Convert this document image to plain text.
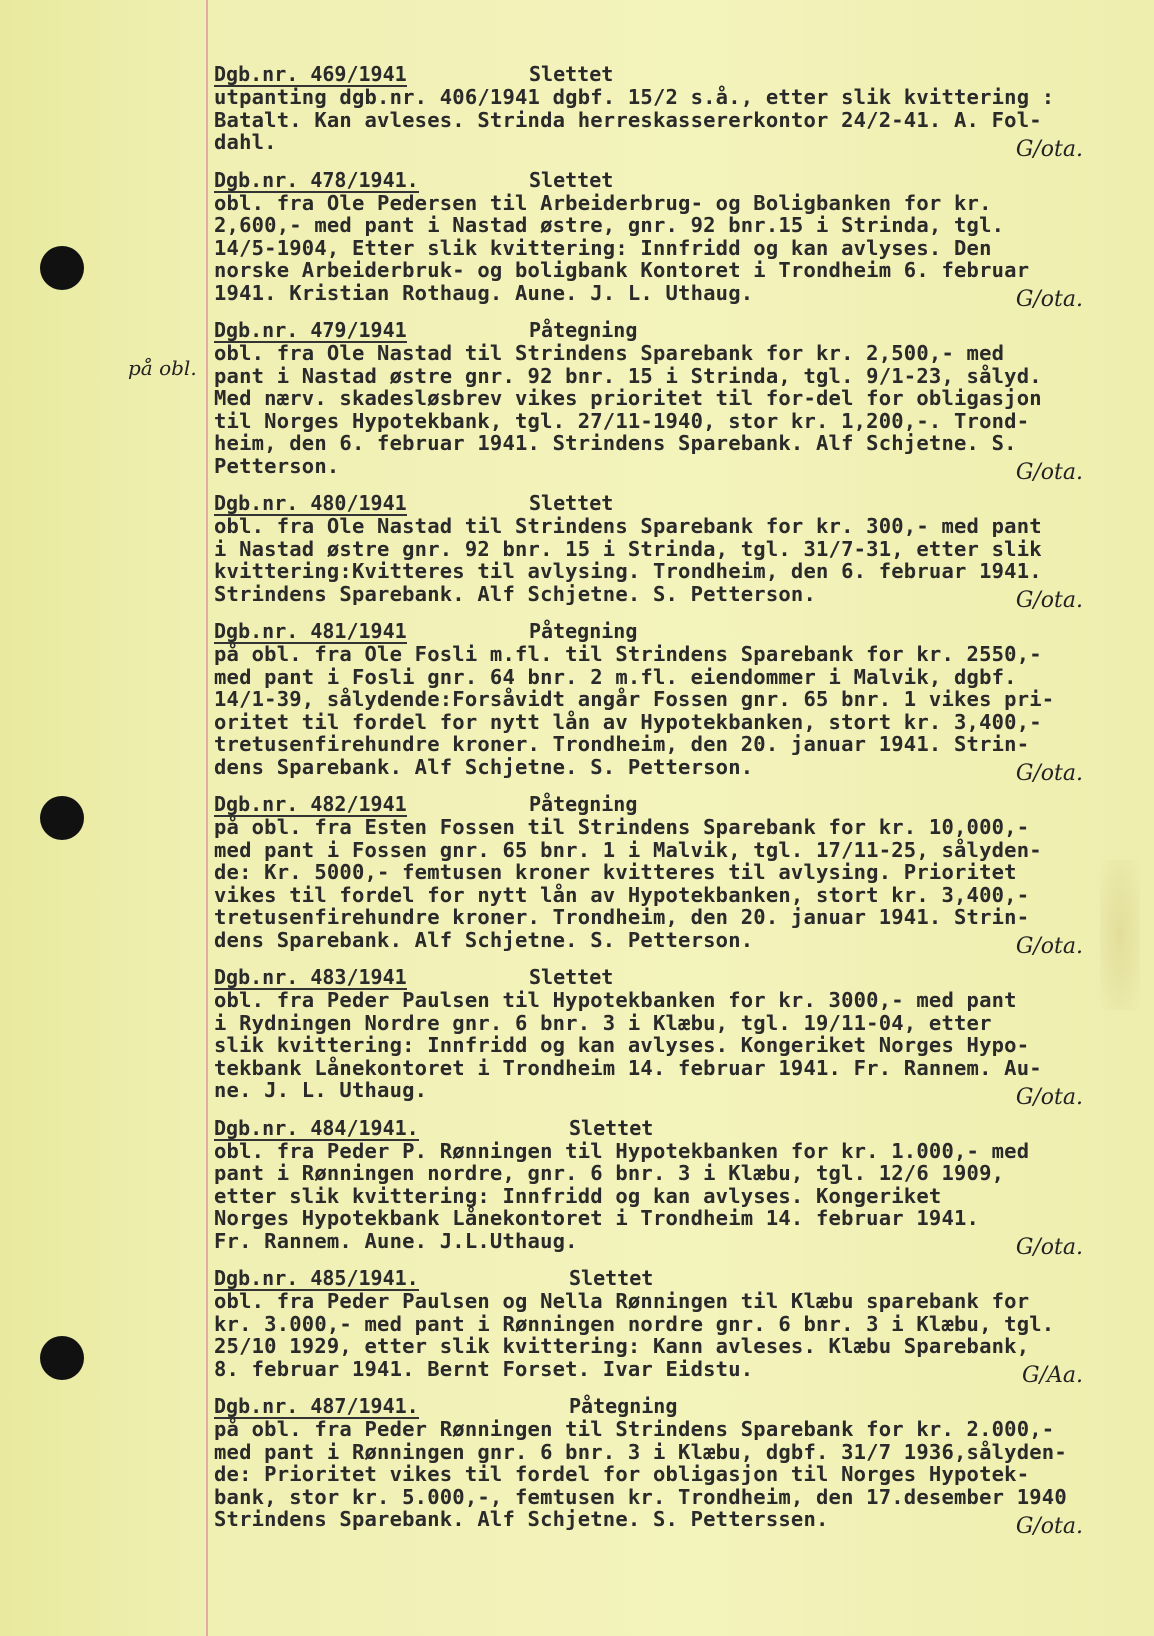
på obl.
Dgb.nr. 469/1941	Slettet
utpanting dgb.nr. 406/1941 dgbf. 15/2 s.å., etter slik kvittering :
Batalt. Kan avleses. Strinda herreskassererkontor 24/2-41. A. Fol-
dahl.	G/ota.
Dgb.nr. 478/1941.	Slettet
obl. fra Ole Pedersen til Arbeiderbrug- og Boligbanken for kr.
2,600,- med pant i Nastad østre, gnr. 92 bnr.15 i Strinda, tgl.
14/5-1904, Etter slik kvittering: Innfridd og kan avlyses. Den
norske Arbeiderbruk- og boligbank Kontoret i Trondheim 6. februar
1941. Kristian Rothaug. Aune. J. L. Uthaug.	G/ota.
Dgb.nr. 479/1941	Påtegning
obl. fra Ole Nastad til Strindens Sparebank for kr. 2,500,- med
pant i Nastad østre gnr. 92 bnr. 15 i Strinda, tgl. 9/1-23, sålyd.
Med nærv. skadesløsbrev vikes prioritet til for-del for obligasjon
til Norges Hypotekbank, tgl. 27/11-1940, stor kr. 1,200,-. Trond-
heim, den 6. februar 1941. Strindens Sparebank. Alf Schjetne. S.
Petterson.	G/ota.
Dgb.nr. 480/1941	Slettet
obl. fra Ole Nastad til Strindens Sparebank for kr. 300,- med pant
i Nastad østre gnr. 92 bnr. 15 i Strinda, tgl. 31/7-31, etter slik
kvittering:Kvitteres til avlysing. Trondheim, den 6. februar 1941.
Strindens Sparebank. Alf Schjetne. S. Petterson.	G/ota.
Dgb.nr. 481/1941	Påtegning
på obl. fra Ole Fosli m.fl. til Strindens Sparebank for kr. 2550,-
med pant i Fosli gnr. 64 bnr. 2 m.fl. eiendommer i Malvik, dgbf.
14/1-39, sålydende:Forsåvidt angår Fossen gnr. 65 bnr. 1 vikes pri-
oritet til fordel for nytt lån av Hypotekbanken, stort kr. 3,400,-
tretusenfirehundre kroner. Trondheim, den 20. januar 1941. Strin-
dens Sparebank. Alf Schjetne. S. Petterson.	G/ota.
Dgb.nr. 482/1941	Påtegning
på obl. fra Esten Fossen til Strindens Sparebank for kr. 10,000,-
med pant i Fossen gnr. 65 bnr. 1 i Malvik, tgl. 17/11-25, sålyden-
de: Kr. 5000,- femtusen kroner kvitteres til avlysing. Prioritet
vikes til fordel for nytt lån av Hypotekbanken, stort kr. 3,400,-
tretusenfirehundre kroner. Trondheim, den 20. januar 1941. Strin-
dens Sparebank. Alf Schjetne. S. Petterson.	G/ota.
Dgb.nr. 483/1941	Slettet
obl. fra Peder Paulsen til Hypotekbanken for kr. 3000,- med pant
i Rydningen Nordre gnr. 6 bnr. 3 i Klæbu, tgl. 19/11-04, etter
slik kvittering: Innfridd og kan avlyses. Kongeriket Norges Hypo-
tekbank Lånekontoret i Trondheim 14. februar 1941. Fr. Rannem. Au-
ne. J. L. Uthaug.	G/ota.
Dgb.nr. 484/1941.	Slettet
obl. fra Peder P. Rønningen til Hypotekbanken for kr. 1.000,- med
pant i Rønningen nordre, gnr. 6 bnr. 3 i Klæbu, tgl. 12/6 1909,
etter slik kvittering: Innfridd og kan avlyses. Kongeriket
Norges Hypotekbank Lånekontoret i Trondheim 14. februar 1941.
Fr. Rannem. Aune. J.L.Uthaug.	G/ota.
Dgb.nr. 485/1941.	Slettet
obl. fra Peder Paulsen og Nella Rønningen til Klæbu sparebank for
kr. 3.000,- med pant i Rønningen nordre gnr. 6 bnr. 3 i Klæbu, tgl.
25/10 1929, etter slik kvittering: Kann avleses. Klæbu Sparebank,
8. februar 1941. Bernt Forset. Ivar Eidstu.	G/Aa.
Dgb.nr. 487/1941.	Påtegning
på obl. fra Peder Rønningen til Strindens Sparebank for kr. 2.000,-
med pant i Rønningen gnr. 6 bnr. 3 i Klæbu, dgbf. 31/7 1936,sålyden-
de: Prioritet vikes til fordel for obligasjon til Norges Hypotek-
bank, stor kr. 5.000,-, femtusen kr. Trondheim, den 17.desember 1940
Strindens Sparebank. Alf Schjetne. S. Petterssen.	G/ota.
